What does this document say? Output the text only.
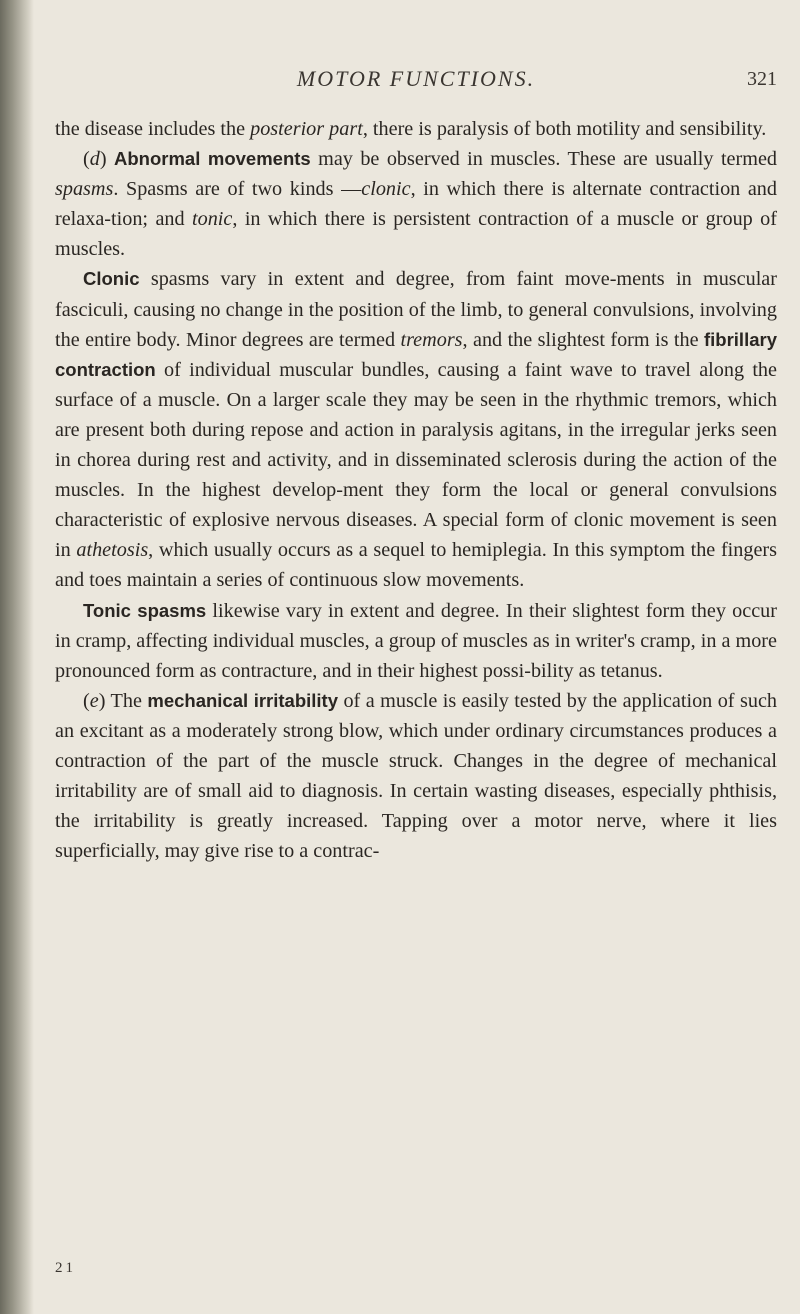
MOTOR FUNCTIONS.	321

the disease includes the posterior part, there is paralysis of both motility and sensibility.

(d) Abnormal movements may be observed in muscles. These are usually termed spasms. Spasms are of two kinds —clonic, in which there is alternate contraction and relaxa-tion; and tonic, in which there is persistent contraction of a muscle or group of muscles.

Clonic spasms vary in extent and degree, from faint move-ments in muscular fasciculi, causing no change in the position of the limb, to general convulsions, involving the entire body. Minor degrees are termed tremors, and the slightest form is the fibrillary contraction of individual muscular bundles, causing a faint wave to travel along the surface of a muscle. On a larger scale they may be seen in the rhythmic tremors, which are present both during repose and action in paralysis agitans, in the irregular jerks seen in chorea during rest and activity, and in disseminated sclerosis during the action of the muscles. In the highest develop-ment they form the local or general convulsions characteristic of explosive nervous diseases. A special form of clonic movement is seen in athetosis, which usually occurs as a sequel to hemiplegia. In this symptom the fingers and toes maintain a series of continuous slow movements.

Tonic spasms likewise vary in extent and degree. In their slightest form they occur in cramp, affecting individual muscles, a group of muscles as in writer's cramp, in a more pronounced form as contracture, and in their highest possi-bility as tetanus.

(e) The mechanical irritability of a muscle is easily tested by the application of such an excitant as a moderately strong blow, which under ordinary circumstances produces a contraction of the part of the muscle struck. Changes in the degree of mechanical irritability are of small aid to diagnosis. In certain wasting diseases, especially phthisis, the irritability is greatly increased. Tapping over a motor nerve, where it lies superficially, may give rise to a contrac-

21
